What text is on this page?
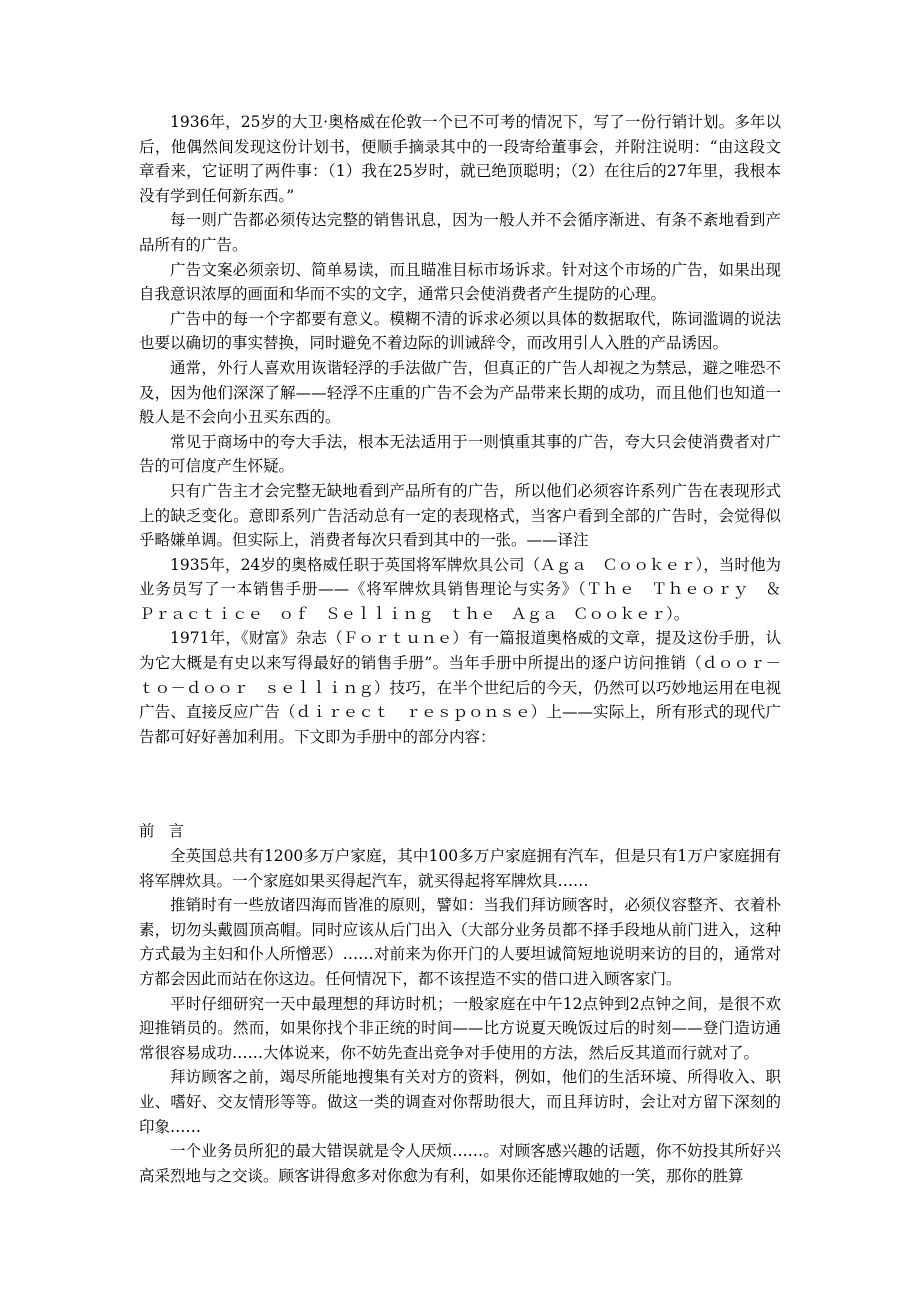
1936年，25岁的大卫·奥格威在伦敦一个已不可考的情况下，写了一份行销计划。多年以后，他偶然间发现这份计划书，便顺手摘录其中的一段寄给董事会，并附注说明：“由这段文章看来，它证明了两件事：（1）我在25岁时，就已绝顶聪明；（2）在往后的27年里，我根本没有学到任何新东西。”

每一则广告都必须传达完整的销售讯息，因为一般人并不会循序渐进、有条不紊地看到产品所有的广告。

广告文案必须亲切、简单易读，而且瞄准目标市场诉求。针对这个市场的广告，如果出现自我意识浓厚的画面和华而不实的文字，通常只会使消费者产生提防的心理。

广告中的每一个字都要有意义。模糊不清的诉求必须以具体的数据取代，陈词滥调的说法也要以确切的事实替换，同时避免不着边际的训诫辞令，而改用引人入胜的产品诱因。

通常，外行人喜欢用诙谐轻浮的手法做广告，但真正的广告人却视之为禁忌，避之唯恐不及，因为他们深深了解——轻浮不庄重的广告不会为产品带来长期的成功，而且他们也知道一般人是不会向小丑买东西的。

常见于商场中的夸大手法，根本无法适用于一则慎重其事的广告，夸大只会使消费者对广告的可信度产生怀疑。

只有广告主才会完整无缺地看到产品所有的广告，所以他们必须容许系列广告在表现形式上的缺乏变化。意即系列广告活动总有一定的表现格式，当客户看到全部的广告时，会觉得似乎略嫌单调。但实际上，消费者每次只看到其中的一张。——译注

1935年，24岁的奥格威任职于英国将军牌炊具公司（Ａｇａ　Ｃｏｏｋｅｒ），当时他为业务员写了一本销售手册——《将军牌炊具销售理论与实务》（Ｔｈｅ　Ｔｈｅｏｒｙ　＆　Ｐｒａｃｔｉｃｅ　ｏｆ　Ｓｅｌｌｉｎｇ　ｔｈｅ　Ａｇａ　Ｃｏｏｋｅｒ）。

1971年，《财富》杂志（Ｆｏｒｔｕｎｅ）有一篇报道奥格威的文章，提及这份手册，认为它大概是有史以来写得最好的销售手册”。当年手册中所提出的逐户访问推销（ｄｏｏｒ－ｔｏ－ｄｏｏｒ　ｓｅｌｌｉｎｇ）技巧，在半个世纪后的今天，仍然可以巧妙地运用在电视广告、直接反应广告（ｄｉｒｅｃｔ　ｒｅｓｐｏｎｓｅ）上——实际上，所有形式的现代广告都可好好善加利用。下文即为手册中的部分内容：

前言

全英国总共有1200多万户家庭，其中100多万户家庭拥有汽车，但是只有1万户家庭拥有将军牌炊具。一个家庭如果买得起汽车，就买得起将军牌炊具……

推销时有一些放诸四海而皆准的原则，譬如：当我们拜访顾客时，必须仪容整齐、衣着朴素，切勿头戴圆顶高帽。同时应该从后门出入（大部分业务员都不择手段地从前门进入，这种方式最为主妇和仆人所憎恶）……对前来为你开门的人要坦诚简短地说明来访的目的，通常对方都会因此而站在你这边。任何情况下，都不该捏造不实的借口进入顾客家门。

平时仔细研究一天中最理想的拜访时机；一般家庭在中午12点钟到2点钟之间，是很不欢迎推销员的。然而，如果你找个非正统的时间——比方说夏天晚饭过后的时刻——登门造访通常很容易成功……大体说来，你不妨先查出竞争对手使用的方法，然后反其道而行就对了。

拜访顾客之前，竭尽所能地搜集有关对方的资料，例如，他们的生活环境、所得收入、职业、嗜好、交友情形等等。做这一类的调查对你帮助很大，而且拜访时，会让对方留下深刻的印象……

一个业务员所犯的最大错误就是令人厌烦……。对顾客感兴趣的话题，你不妨投其所好兴高采烈地与之交谈。顾客讲得愈多对你愈为有利，如果你还能博取她的一笑，那你的胜算
